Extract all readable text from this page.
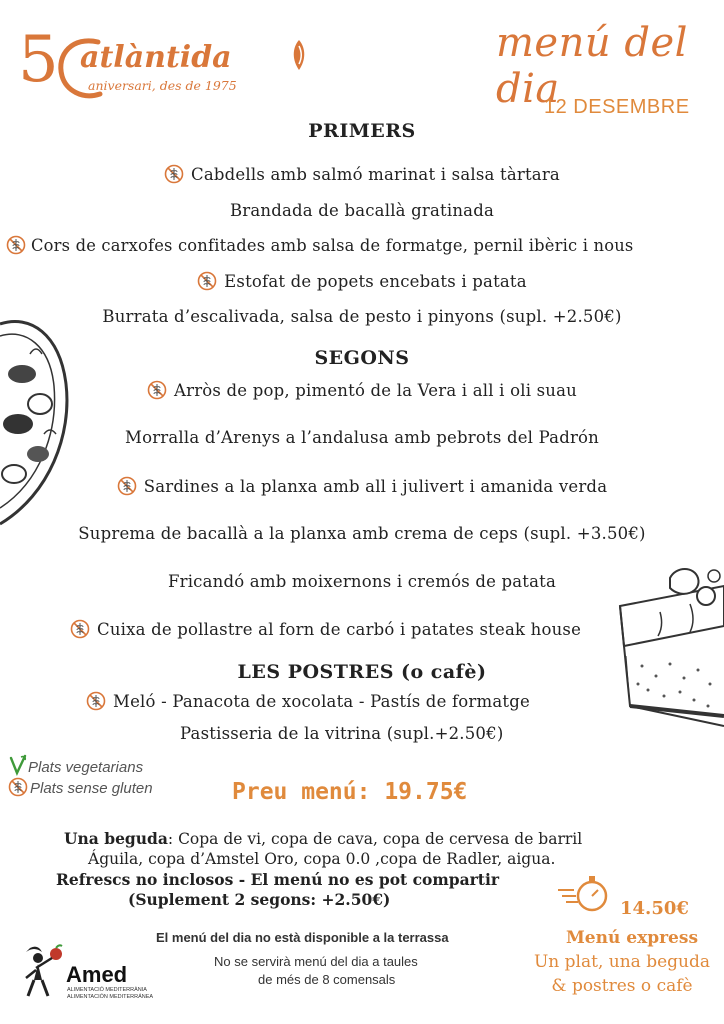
5 atlàntida
aniversari, des de 1975
menú del dia
12 DESEMBRE
PRIMERS
Cabdells amb salmó marinat i salsa tàrtara
Brandada de bacallà gratinada
Cors de carxofes confitades amb salsa de formatge, pernil ibèric i nous
Estofat de popets encebats i patata
Burrata d’escalivada, salsa de pesto i pinyons (supl. +2.50€)
SEGONS
Arròs de pop, pimentó de la Vera i all i oli suau
Morralla d’Arenys a l’andalusa amb pebrots del Padrón
Sardines a la planxa amb all i julivert i amanida verda
Suprema de bacallà a la planxa amb crema de ceps (supl. +3.50€)
Fricandó amb moixernons i cremós de patata
Cuixa de pollastre al forn de carbó i patates steak house
LES POSTRES (o cafè)
Meló - Panacota de xocolata - Pastís de formatge
Pastisseria de la vitrina (supl.+2.50€)
Plats vegetarians
Plats sense gluten	Preu menú: 19.75€
Una beguda: Copa de vi, copa de cava, copa de cervesa de barril
Águila, copa d’Amstel Oro, copa 0.0 ,copa de Radler, aigua.
Refrescs no inclosos - El menú no es pot compartir
(Suplement 2 segons: +2.50€)
El menú del dia no està disponible a la terrassa
No se servirà menú del dia a taules
de més de 8 comensals
Amed
ALIMENTACIÓ MEDITERRÀNIA
ALIMENTACIÓN MEDITERRÁNEA
14.50€
Menú express
Un plat, una beguda
& postres o cafè
